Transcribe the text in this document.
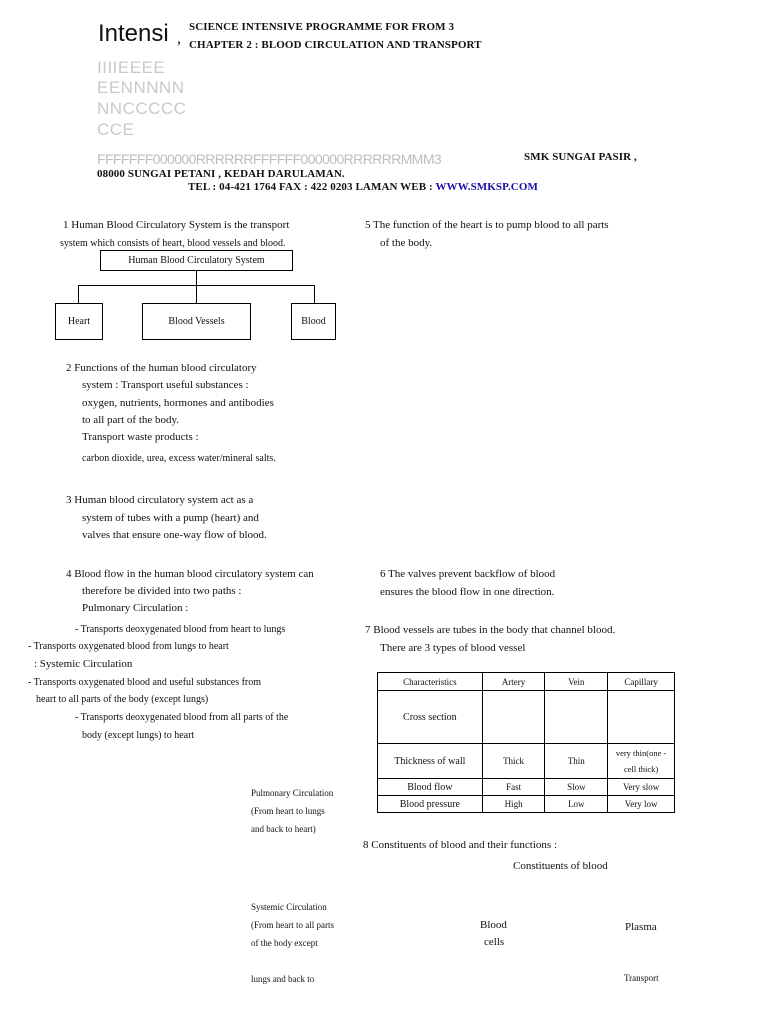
Intensi ,
IIIIEEEE
EENNNNN
NNCCCCC
CCE
FFFFFFF000000RRRRRRFFFFFF000000RRRRRRMMM3
SCIENCE INTENSIVE PROGRAMME FOR FROM 3
CHAPTER 2 : BLOOD CIRCULATION AND TRANSPORT
SMK SUNGAI PASIR ,
08000 SUNGAI PETANI , KEDAH DARULAMAN.
TEL : 04-421 1764 FAX : 422 0203 LAMAN WEB : WWW.SMKSP.COM
1 Human Blood Circulatory System is the transport
system which consists of heart, blood vessels and blood.
Human Blood Circulatory System
Heart	Blood Vessels	Blood
2 Functions of the human blood circulatory
system : Transport useful substances :
oxygen, nutrients, hormones and antibodies
to all part of the body.
Transport waste products :
carbon dioxide, urea, excess water/mineral salts.
3 Human blood circulatory system act as a
system of tubes with a pump (heart) and
valves that ensure one-way flow of blood.
4 Blood flow in the human blood circulatory system can
therefore be divided into two paths :
Pulmonary Circulation :
- Transports deoxygenated blood from heart to lungs
- Transports oxygenated blood from lungs to heart
: Systemic Circulation
- Transports oxygenated blood and useful substances from
heart to all parts of the body (except lungs)
- Transports deoxygenated blood from all parts of the
body (except lungs) to heart
5 The function of the heart is to pump blood to all parts
of the body.
6 The valves prevent backflow of blood
ensures the blood flow in one direction.
7 Blood vessels are tubes in the body that channel blood.
There are 3 types of blood vessel
Characteristics	Artery	Vein	Capillary
Cross section			
Thickness of wall	Thick	Thin	very thin(one -cell thick)
Blood flow	Fast	Slow	Very slow
Blood pressure	High	Low	Very low
8 Constituents of blood and their functions :
Constituents of blood
Pulmonary Circulation
(From heart to lungs
and back to heart)
Systemic Circulation
(From heart to all parts
of the body except
lungs and back to
Blood
cells
Plasma
Transport
